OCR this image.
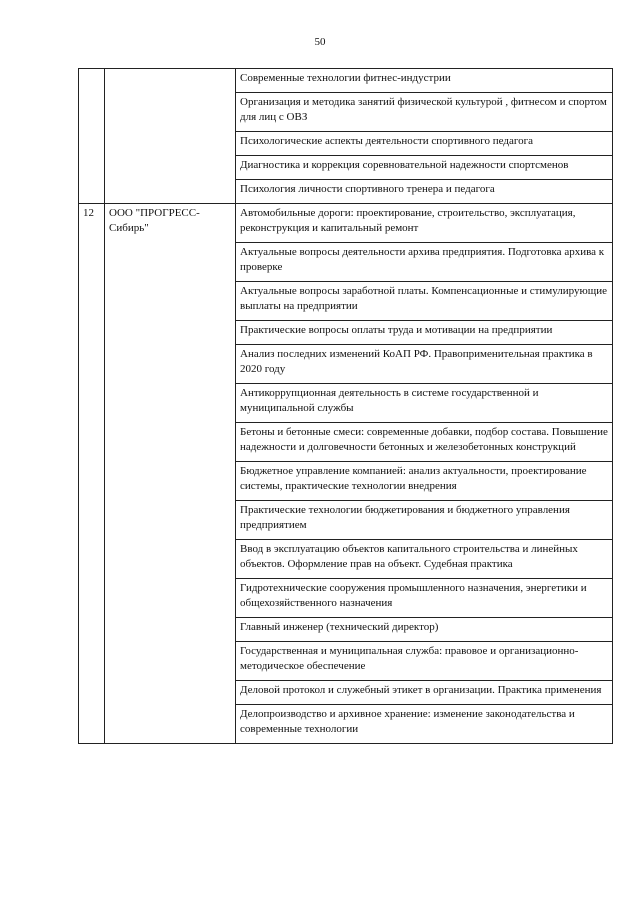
50
		Современные технологии фитнес-индустрии
		Организация и методика занятий физической культурой , фитнесом и спортом для лиц с ОВЗ
		Психологические аспекты деятельности спортивного педагога
		Диагностика и коррекция соревновательной надежности спортсменов
		Психология личности спортивного тренера и педагога
12	ООО "ПРОГРЕСС-Сибирь"	Автомобильные дороги: проектирование, строительство, эксплуатация, реконструкция и капитальный ремонт
		Актуальные вопросы деятельности архива предприятия. Подготовка архива к проверке
		Актуальные вопросы заработной платы. Компенсационные и стимулирующие выплаты на предприятии
		Практические вопросы оплаты труда и мотивации на предприятии
		Анализ последних изменений КоАП РФ. Правоприменительная практика в 2020 году
		Антикоррупционная деятельность в системе государственной и муниципальной службы
		Бетоны и бетонные смеси: современные добавки, подбор состава. Повышение надежности и долговечности бетонных и железобетонных конструкций
		Бюджетное управление компанией: анализ актуальности, проектирование системы, практические технологии внедрения
		Практические технологии бюджетирования и бюджетного управления предприятием
		Ввод в эксплуатацию объектов капитального строительства и линейных объектов. Оформление прав на объект. Судебная практика
		Гидротехнические сооружения промышленного назначения, энергетики и общехозяйственного назначения
		Главный инженер (технический директор)
		Государственная и муниципальная служба: правовое и организационно-методическое обеспечение
		Деловой протокол и служебный этикет в организации. Практика применения
		Делопроизводство и архивное хранение: изменение законодательства и современные технологии
